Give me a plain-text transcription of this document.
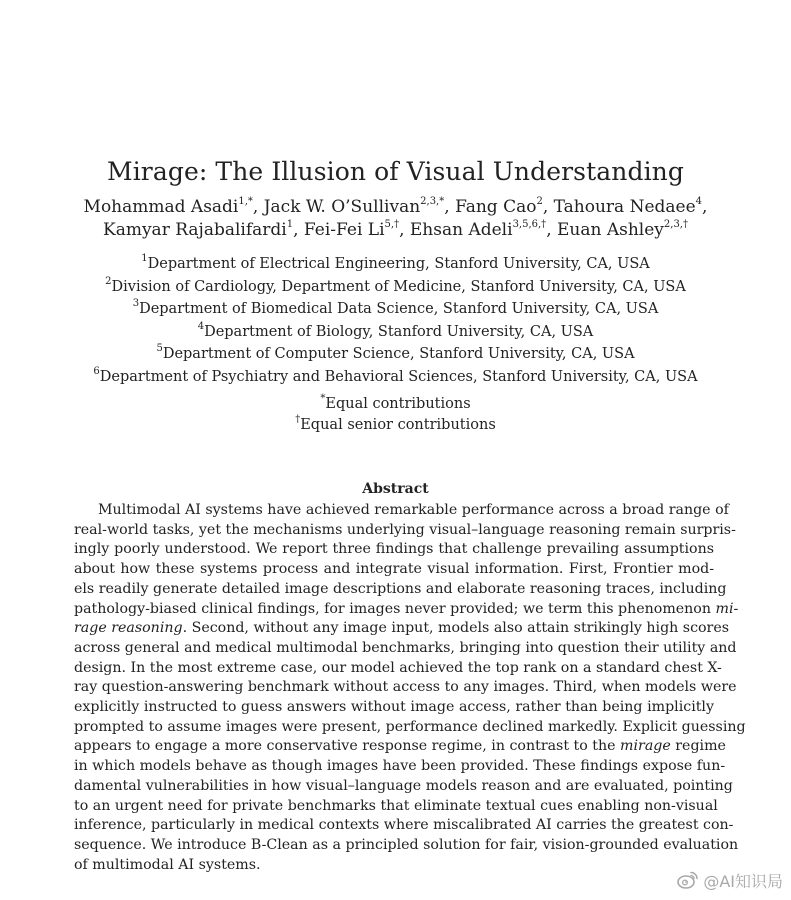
Mirage: The Illusion of Visual Understanding
Mohammad Asadi$^{1,*}$, Jack W. O’Sullivan$^{2,3,*}$, Fang Cao$^2$, Tahoura Nedaee$^4$,
Kamyar Rajabalifardi$^1$, Fei-Fei $Li^{5,\dagger}$, Ehsan Adeli$^{3,5,6,\dagger}$, Euan Ashley$^{2,3,\dagger}$
$^1$Department of Electrical Engineering, Stanford University, CA, USA
$^2$Division of Cardiology, Department of Medicine, Stanford University, CA, USA
$^3$Department of Biomedical Data Science, Stanford University, CA, USA
$^4$Department of Biology, Stanford University, CA, USA
$^5$Department of Computer Science, Stanford University, CA, USA
$^6$Department of Psychiatry and Behavioral Sciences, Stanford University, CA, USA
*Equal contributions
†Equal senior contributions
Abstract
Multimodal AI systems have achieved remarkable performance across a broad range of
real-world tasks, yet the mechanisms underlying visual–language reasoning remain surpris-
ingly poorly understood. We report three findings that challenge prevailing assumptions
about how these systems process and integrate visual information. First, Frontier mod-
els readily generate detailed image descriptions and elaborate reasoning traces, including
pathology-biased clinical findings, for images never provided; we term this phenomenon mi-
rage reasoning. Second, without any image input, models also attain strikingly high scores
across general and medical multimodal benchmarks, bringing into question their utility and
design. In the most extreme case, our model achieved the top rank on a standard chest X-
ray question-answering benchmark without access to any images. Third, when models were
explicitly instructed to guess answers without image access, rather than being implicitly
prompted to assume images were present, performance declined markedly. Explicit guessing
appears to engage a more conservative response regime, in contrast to the mirage regime
in which models behave as though images have been provided. These findings expose fun-
damental vulnerabilities in how visual–language models reason and are evaluated, pointing
to an urgent need for private benchmarks that eliminate textual cues enabling non-visual
inference, particularly in medical contexts where miscalibrated AI carries the greatest con-
sequence. We introduce B-Clean as a principled solution for fair, vision-grounded evaluation
of multimodal AI systems.
@AI知识局
